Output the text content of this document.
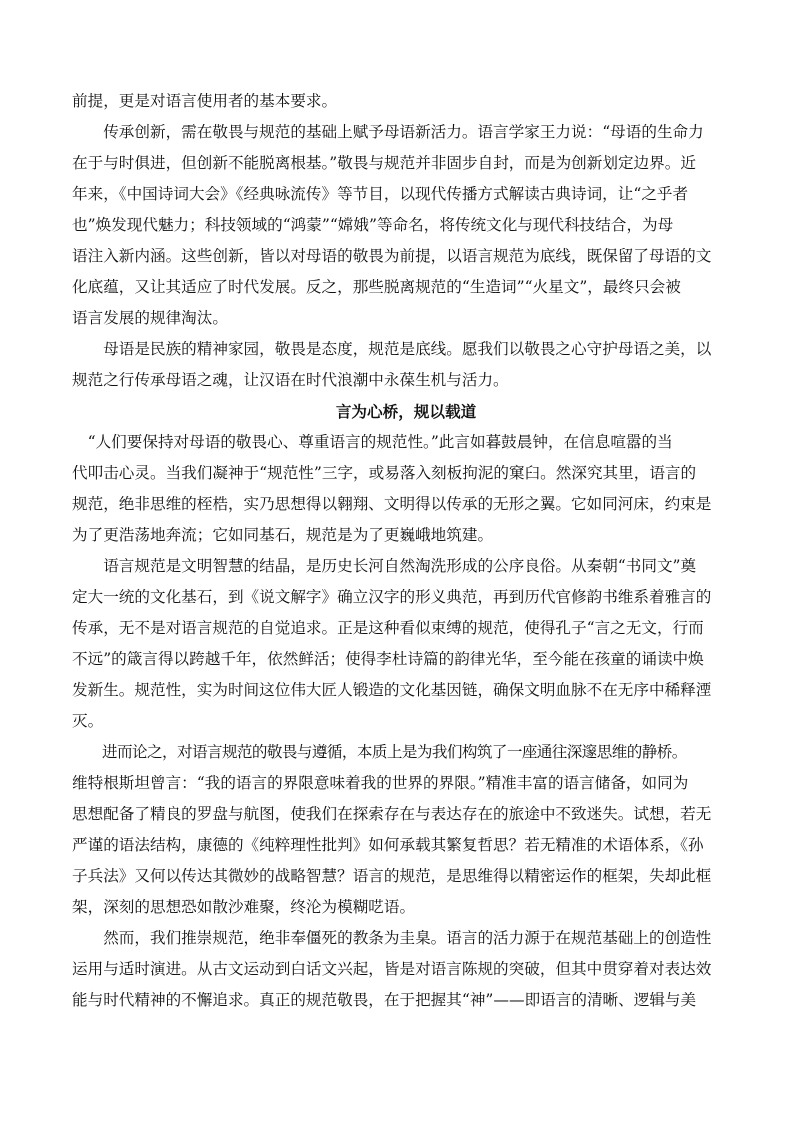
前提，更是对语言使用者的基本要求。
　　传承创新，需在敬畏与规范的基础上赋予母语新活力。语言学家王力说：“母语的生命力
在于与时俱进，但创新不能脱离根基。”敬畏与规范并非固步自封，而是为创新划定边界。近
年来，《中国诗词大会》《经典咏流传》等节目，以现代传播方式解读古典诗词，让“之乎者
也”焕发现代魅力；科技领域的“鸿蒙”“嫦娥”等命名，将传统文化与现代科技结合，为母
语注入新内涵。这些创新，皆以对母语的敬畏为前提，以语言规范为底线，既保留了母语的文
化底蕴，又让其适应了时代发展。反之，那些脱离规范的“生造词”“火星文”，最终只会被
语言发展的规律淘汰。
　　母语是民族的精神家园，敬畏是态度，规范是底线。愿我们以敬畏之心守护母语之美，以
规范之行传承母语之魂，让汉语在时代浪潮中永葆生机与活力。
言为心桥，规以载道
　“人们要保持对母语的敬畏心、尊重语言的规范性。”此言如暮鼓晨钟，在信息喧嚣的当
代叩击心灵。当我们凝神于“规范性”三字，或易落入刻板拘泥的窠臼。然深究其里，语言的
规范，绝非思维的桎梏，实乃思想得以翱翔、文明得以传承的无形之翼。它如同河床，约束是
为了更浩荡地奔流；它如同基石，规范是为了更巍峨地筑建。
　　语言规范是文明智慧的结晶，是历史长河自然淘洗形成的公序良俗。从秦朝“书同文”奠
定大一统的文化基石，到《说文解字》确立汉字的形义典范，再到历代官修韵书维系着雅言的
传承，无不是对语言规范的自觉追求。正是这种看似束缚的规范，使得孔子“言之无文，行而
不远”的箴言得以跨越千年，依然鲜活；使得李杜诗篇的韵律光华，至今能在孩童的诵读中焕
发新生。规范性，实为时间这位伟大匠人锻造的文化基因链，确保文明血脉不在无序中稀释湮
灭。
　　进而论之，对语言规范的敬畏与遵循，本质上是为我们构筑了一座通往深邃思维的静桥。
维特根斯坦曾言：“我的语言的界限意味着我的世界的界限。”精准丰富的语言储备，如同为
思想配备了精良的罗盘与航图，使我们在探索存在与表达存在的旅途中不致迷失。试想，若无
严谨的语法结构，康德的《纯粹理性批判》如何承载其繁复哲思？若无精准的术语体系，《孙
子兵法》又何以传达其微妙的战略智慧？语言的规范，是思维得以精密运作的框架，失却此框
架，深刻的思想恐如散沙难聚，终沦为模糊呓语。
　　然而，我们推崇规范，绝非奉僵死的教条为圭臬。语言的活力源于在规范基础上的创造性
运用与适时演进。从古文运动到白话文兴起，皆是对语言陈规的突破，但其中贯穿着对表达效
能与时代精神的不懈追求。真正的规范敬畏，在于把握其“神”——即语言的清晰、逻辑与美
